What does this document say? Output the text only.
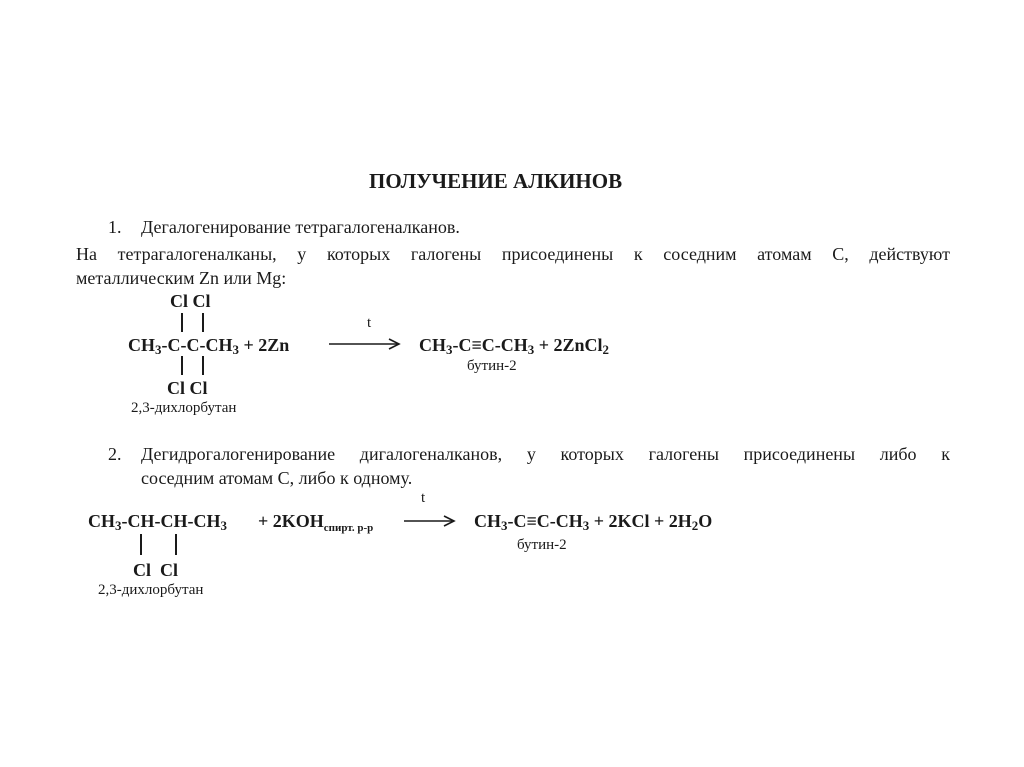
ПОЛУЧЕНИЕ АЛКИНОВ
1. Дегалогенирование тетрагалогеналканов.
На тетрагалогеналканы, у которых галогены присоединены к соседним атомам С, действуют
металлическим Zn или Mg:
Cl Cl
$CH_3-C-C-CH_3 + 2Zn$
t
$CH_3-C\equiv C-CH_3$ + 2ZnCl$_2$
бутин-2
Cl Cl
2,3-дихлорбутан
2. Дегидрогалогенирование дигалогеналканов, у которых галогены присоединены либо к
соседним атомам С, либо к одному.
t
$CH_3-CH-CH-CH_3 + 2KOH_{спирт. р-р}$	$CH_3-C\equiv C-CH_3 + 2KCl + 2H_2O$
бутин-2
Cl  Cl
2,3-дихлорбутан
